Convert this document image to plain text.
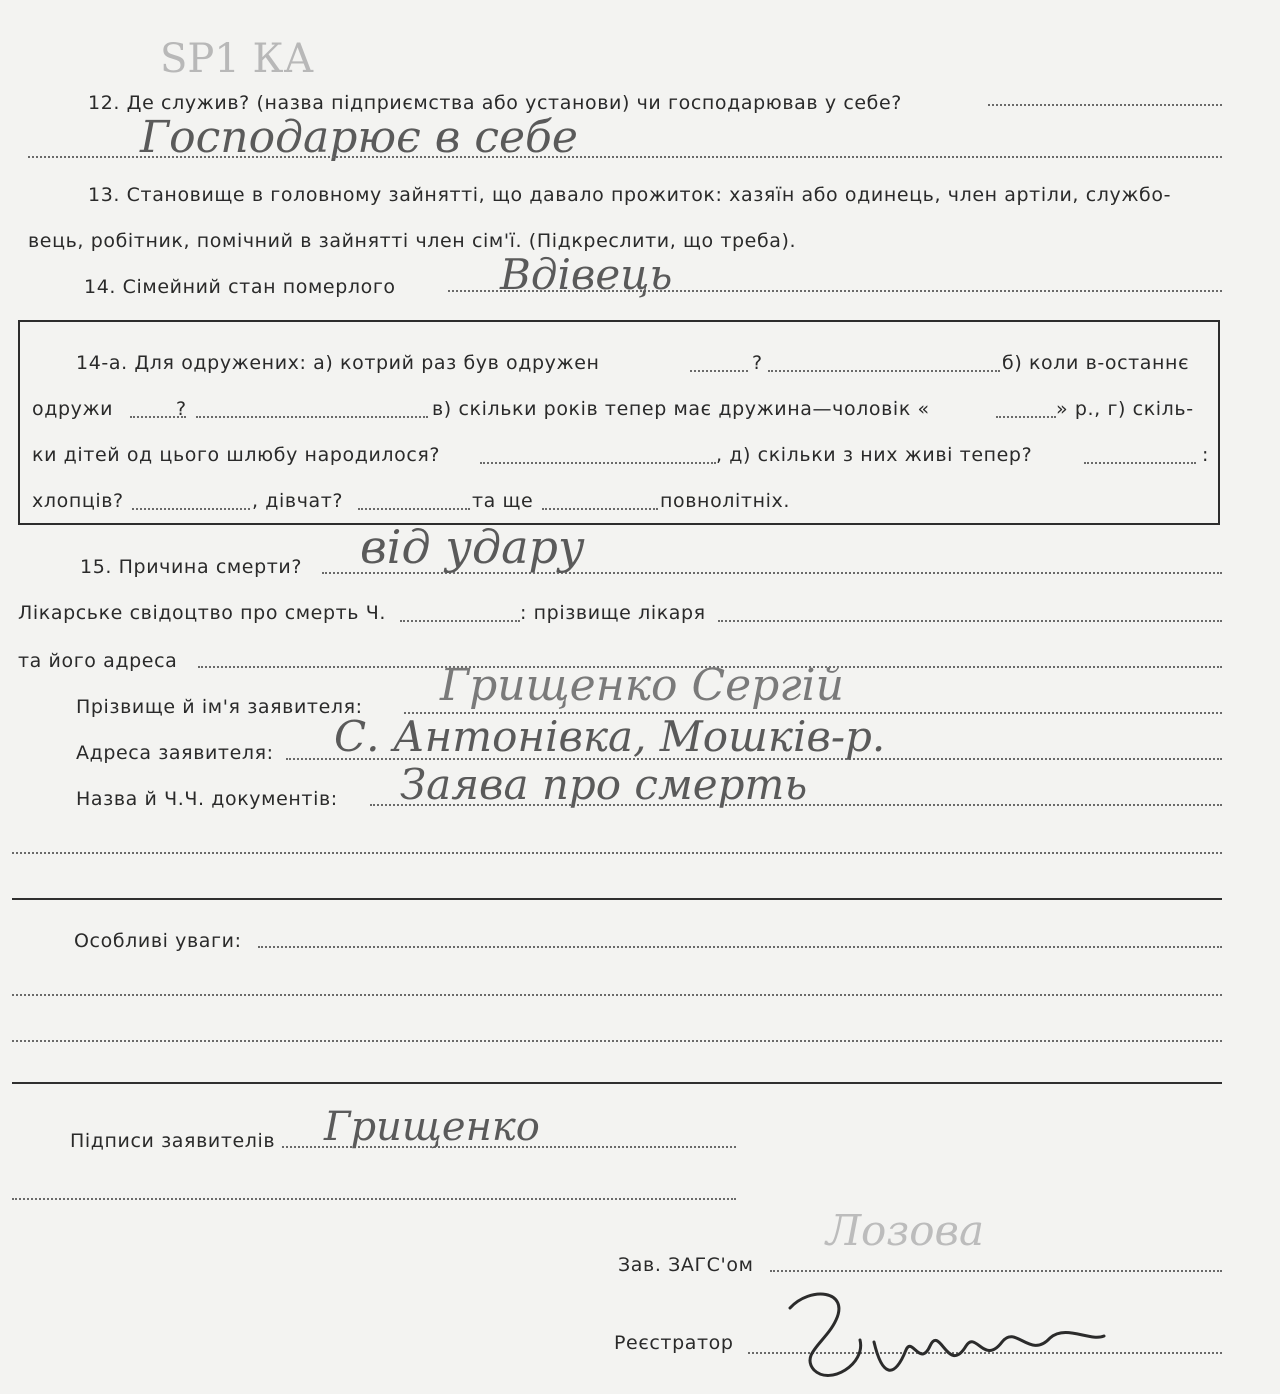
SP1 КА
12. Де служив? (назва підприємства або установи) чи господарював у себе?
Господарює в себе
13. Становище в головному зайнятті, що давало прожиток: хазяїн або одинець, член артіли, службо-
вець, робітник, помічний в зайнятті член сім'ї. (Підкреслити, що треба).
14. Сімейний стан померлого Вдівець
14-а. Для одружених: а) котрий раз був одружен	?	б) коли в-останнє
одружи	?	в) скільки років тепер має дружина—чоловік «	» р., г) скіль-
ки дітей од цього шлюбу народилося?	, д) скільки з них живі тепер?	:
хлопців?	, дівчат?	та ще	повнолітніх.
15. Причина смерти? від удару
Лікарське свідоцтво про смерть Ч.	: прізвище лікаря
та його адреса
Прізвище й ім'я заявителя: Грищенко Сергій
Адреса заявителя: С. Антонівка, Мошків-р.
Назва й Ч.Ч. документів: Заява про смерть
Особливі уваги:
Підписи заявителів Грищенко
Зав. ЗАГС'ом
Лозова
Реєстратор
